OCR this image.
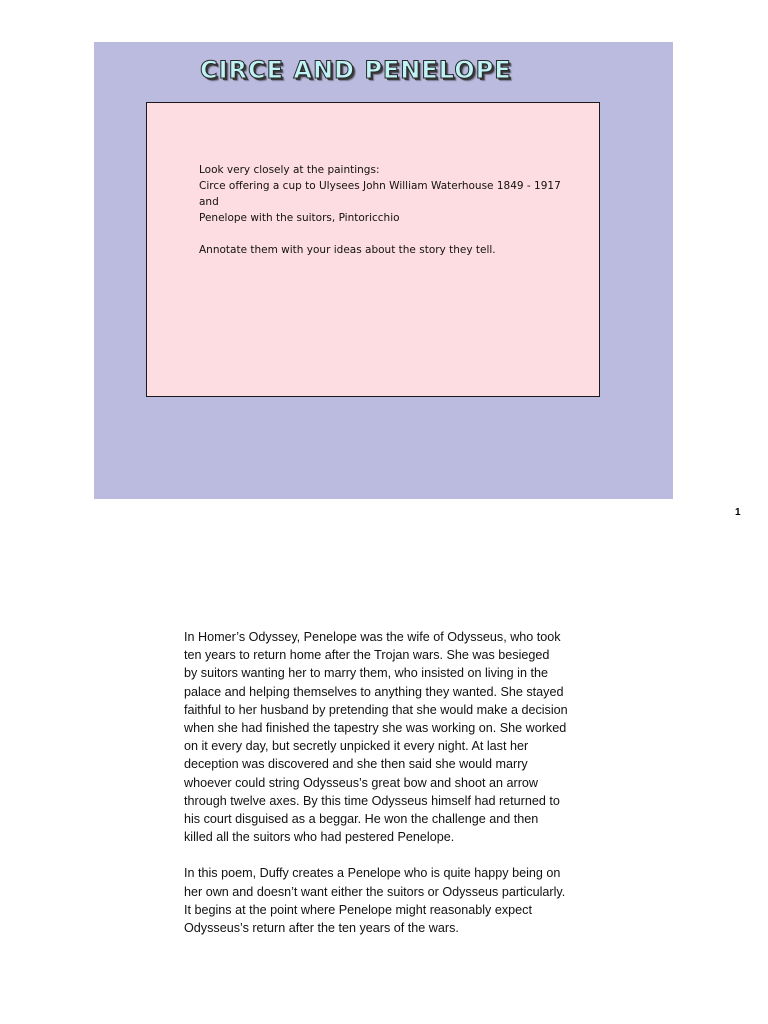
CIRCE AND PENELOPE

Look very closely at the paintings:

Circe offering a cup to Ulysees John William Waterhouse 1849 - 1917

and

Penelope with the suitors, Pintoricchio

Annotate them with your ideas about the story they tell.

1

In Homer’s Odyssey, Penelope was the wife of Odysseus, who took
ten years to return home after the Trojan wars. She was besieged
by suitors wanting her to marry them, who insisted on living in the
palace and helping themselves to anything they wanted. She stayed
faithful to her husband by pretending that she would make a decision
when she had finished the tapestry she was working on. She worked
on it every day, but secretly unpicked it every night. At last her
deception was discovered and she then said she would marry
whoever could string Odysseus’s great bow and shoot an arrow
through twelve axes. By this time Odysseus himself had returned to
his court disguised as a beggar. He won the challenge and then
killed all the suitors who had pestered Penelope.

In this poem, Duffy creates a Penelope who is quite happy being on
her own and doesn’t want either the suitors or Odysseus particularly.
It begins at the point where Penelope might reasonably expect
Odysseus’s return after the ten years of the wars.
